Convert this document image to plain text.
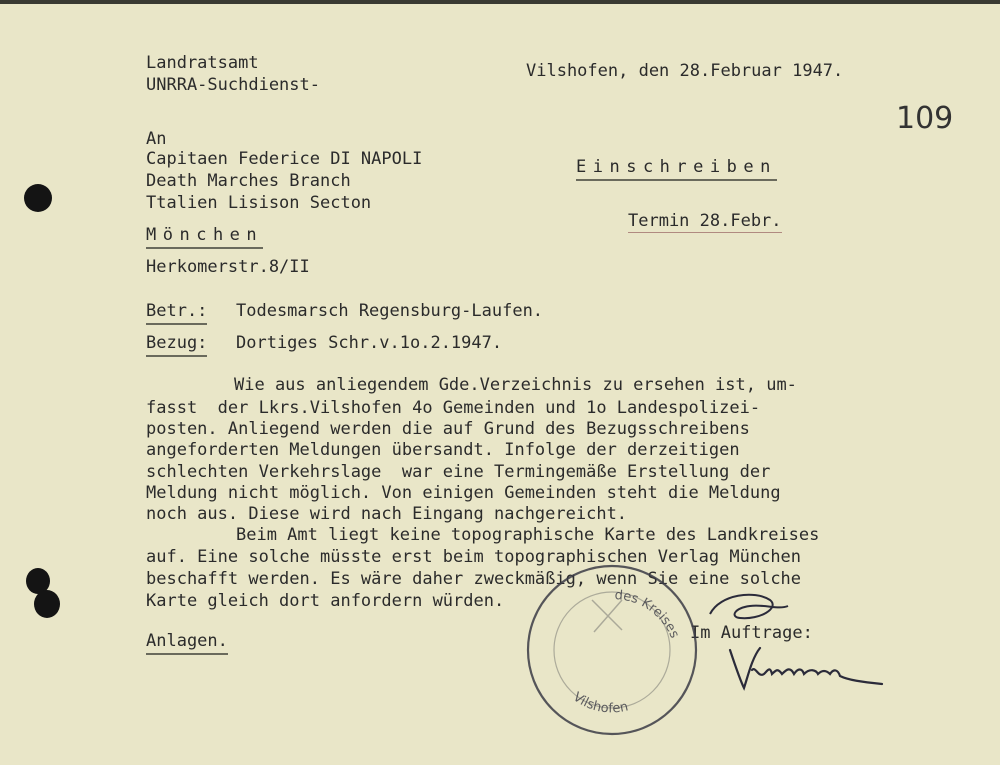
Landratsamt
UNRRA-Suchdienst-
Vilshofen, den 28.Februar 1947.
109
An
Capitaen Federice DI NAPOLI
Death Marches Branch
Ttalien Lisison Secton
Mönchen
Herkomerstr.8/II
Einschreiben
Termin 28.Febr.
Betr.: Todesmarsch Regensburg-Laufen.
Bezug: Dortiges Schr.v.1o.2.1947.
Wie aus anliegendem Gde.Verzeichnis zu ersehen ist, um-
fasst  der Lkrs.Vilshofen 4o Gemeinden und 1o Landespolizei-
posten. Anliegend werden die auf Grund des Bezugsschreibens
angeforderten Meldungen übersandt. Infolge der derzeitigen
schlechten Verkehrslage  war eine Termingemäße Erstellung der
Meldung nicht möglich. Von einigen Gemeinden steht die Meldung
noch aus. Diese wird nach Eingang nachgereicht.
Beim Amt liegt keine topographische Karte des Landkreises
auf. Eine solche müsste erst beim topographischen Verlag München
beschafft werden. Es wäre daher zweckmäßig, wenn Sie eine solche
Karte gleich dort anfordern würden.
Anlagen.	Im Auftrage:
des Kreises
Vilshofen
